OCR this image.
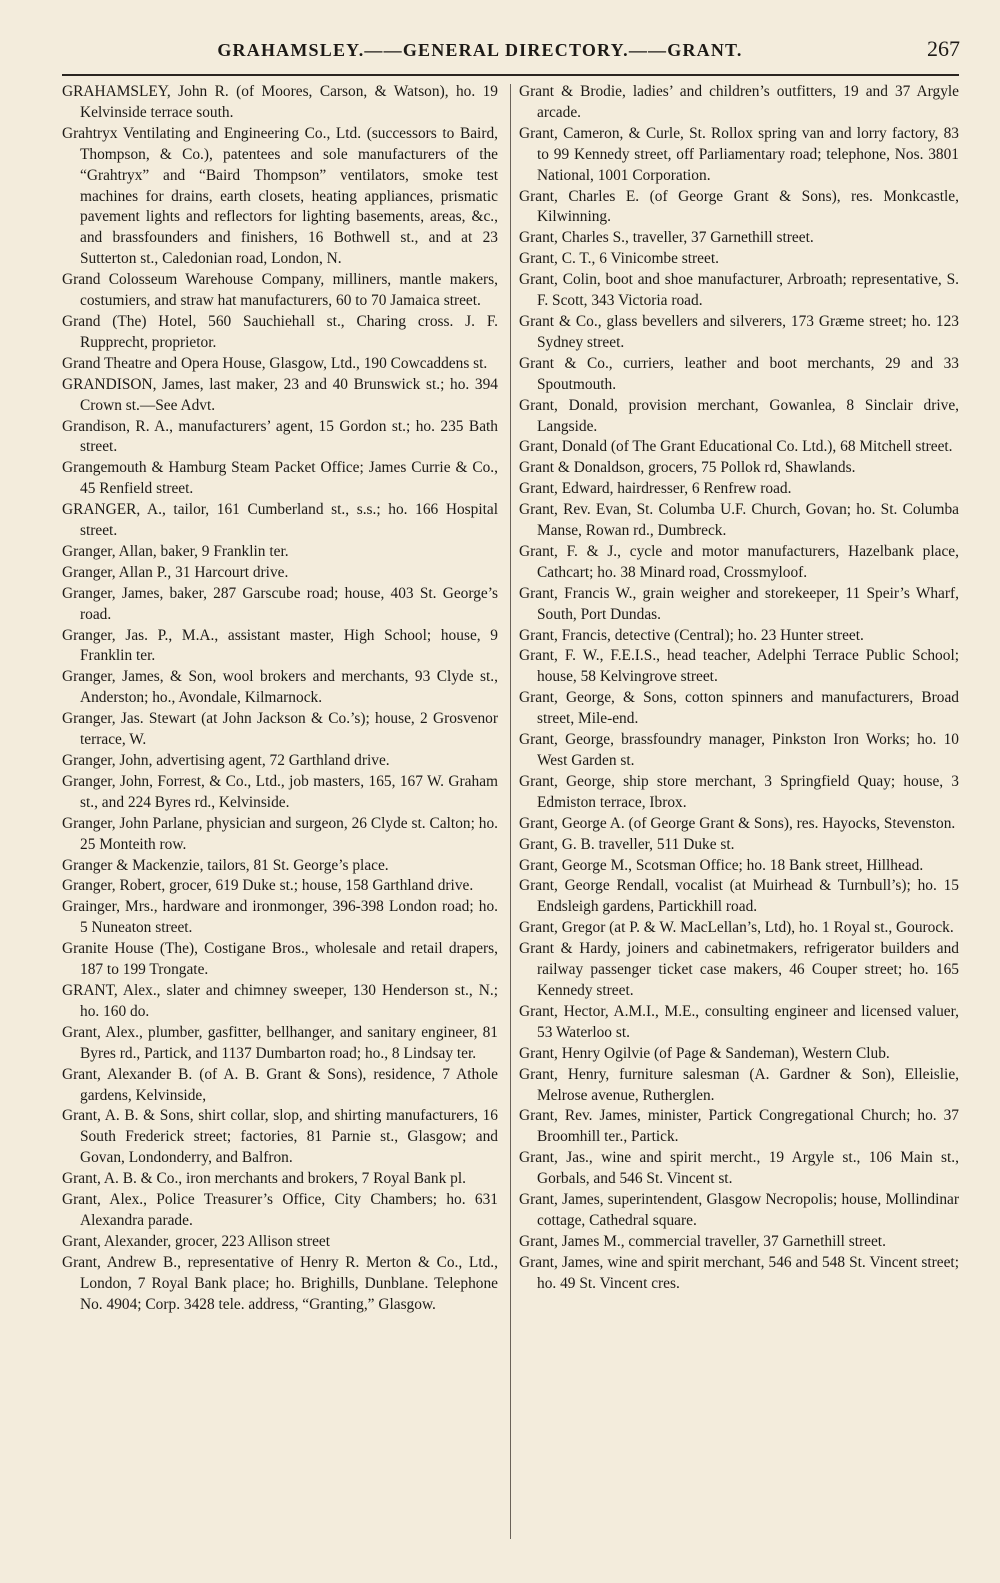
GRAHAMSLEY.——GENERAL DIRECTORY.——GRANT.	267

GRAHAMSLEY, John R. (of Moores, Carson, & Watson), ho. 19 Kelvinside terrace south.

Grahtryx Ventilating and Engineering Co., Ltd. (successors to Baird, Thompson, & Co.), patentees and sole manufacturers of the “Grahtryx” and “Baird Thompson” ventilators, smoke test machines for drains, earth closets, heating appliances, prismatic pavement lights and reflectors for lighting basements, areas, &c., and brassfounders and finishers, 16 Bothwell st., and at 23 Sutterton st., Caledonian road, London, N.

Grand Colosseum Warehouse Company, milliners, mantle makers, costumiers, and straw hat manufacturers, 60 to 70 Jamaica street.

Grand (The) Hotel, 560 Sauchiehall st., Charing cross. J. F. Rupprecht, proprietor.

Grand Theatre and Opera House, Glasgow, Ltd., 190 Cowcaddens st.

GRANDISON, James, last maker, 23 and 40 Brunswick st.; ho. 394 Crown st.—See Advt.

Grandison, R. A., manufacturers’ agent, 15 Gordon st.; ho. 235 Bath street.

Grangemouth & Hamburg Steam Packet Office; James Currie & Co., 45 Renfield street.

GRANGER, A., tailor, 161 Cumberland st., s.s.; ho. 166 Hospital street.

Granger, Allan, baker, 9 Franklin ter.

Granger, Allan P., 31 Harcourt drive.

Granger, James, baker, 287 Garscube road; house, 403 St. George’s road.

Granger, Jas. P., M.A., assistant master, High School; house, 9 Franklin ter.

Granger, James, & Son, wool brokers and merchants, 93 Clyde st., Anderston; ho., Avondale, Kilmarnock.

Granger, Jas. Stewart (at John Jackson & Co.’s); house, 2 Grosvenor terrace, W.

Granger, John, advertising agent, 72 Garthland drive.

Granger, John, Forrest, & Co., Ltd., job masters, 165, 167 W. Graham st., and 224 Byres rd., Kelvinside.

Granger, John Parlane, physician and surgeon, 26 Clyde st. Calton; ho. 25 Monteith row.

Granger & Mackenzie, tailors, 81 St. George’s place.

Granger, Robert, grocer, 619 Duke st.; house, 158 Garthland drive.

Grainger, Mrs., hardware and ironmonger, 396-398 London road; ho. 5 Nuneaton street.

Granite House (The), Costigane Bros., wholesale and retail drapers, 187 to 199 Trongate.

GRANT, Alex., slater and chimney sweeper, 130 Henderson st., N.; ho. 160 do.

Grant, Alex., plumber, gasfitter, bellhanger, and sanitary engineer, 81 Byres rd., Partick, and 1137 Dumbarton road; ho., 8 Lindsay ter.

Grant, Alexander B. (of A. B. Grant & Sons), residence, 7 Athole gardens, Kelvinside,

Grant, A. B. & Sons, shirt collar, slop, and shirting manufacturers, 16 South Frederick street; factories, 81 Parnie st., Glasgow; and Govan, Londonderry, and Balfron.

Grant, A. B. & Co., iron merchants and brokers, 7 Royal Bank pl.

Grant, Alex., Police Treasurer’s Office, City Chambers; ho. 631 Alexandra parade.

Grant, Alexander, grocer, 223 Allison street

Grant, Andrew B., representative of Henry R. Merton & Co., Ltd., London, 7 Royal Bank place; ho. Brighills, Dunblane. Telephone No. 4904; Corp. 3428 tele. address, “Granting,” Glasgow.

Grant & Brodie, ladies’ and children’s outfitters, 19 and 37 Argyle arcade.

Grant, Cameron, & Curle, St. Rollox spring van and lorry factory, 83 to 99 Kennedy street, off Parliamentary road; telephone, Nos. 3801 National, 1001 Corporation.

Grant, Charles E. (of George Grant & Sons), res. Monkcastle, Kilwinning.

Grant, Charles S., traveller, 37 Garnethill street.

Grant, C. T., 6 Vinicombe street.

Grant, Colin, boot and shoe manufacturer, Arbroath; representative, S. F. Scott, 343 Victoria road.

Grant & Co., glass bevellers and silverers, 173 Græme street; ho. 123 Sydney street.

Grant & Co., curriers, leather and boot merchants, 29 and 33 Spoutmouth.

Grant, Donald, provision merchant, Gowanlea, 8 Sinclair drive, Langside.

Grant, Donald (of The Grant Educational Co. Ltd.), 68 Mitchell street.

Grant & Donaldson, grocers, 75 Pollok rd, Shawlands.

Grant, Edward, hairdresser, 6 Renfrew road.

Grant, Rev. Evan, St. Columba U.F. Church, Govan; ho. St. Columba Manse, Rowan rd., Dumbreck.

Grant, F. & J., cycle and motor manufacturers, Hazelbank place, Cathcart; ho. 38 Minard road, Crossmyloof.

Grant, Francis W., grain weigher and storekeeper, 11 Speir’s Wharf, South, Port Dundas.

Grant, Francis, detective (Central); ho. 23 Hunter street.

Grant, F. W., F.E.I.S., head teacher, Adelphi Terrace Public School; house, 58 Kelvingrove street.

Grant, George, & Sons, cotton spinners and manufacturers, Broad street, Mile-end.

Grant, George, brassfoundry manager, Pinkston Iron Works; ho. 10 West Garden st.

Grant, George, ship store merchant, 3 Springfield Quay; house, 3 Edmiston terrace, Ibrox.

Grant, George A. (of George Grant & Sons), res. Hayocks, Stevenston.

Grant, G. B. traveller, 511 Duke st.

Grant, George M., Scotsman Office; ho. 18 Bank street, Hillhead.

Grant, George Rendall, vocalist (at Muirhead & Turnbull’s); ho. 15 Endsleigh gardens, Partickhill road.

Grant, Gregor (at P. & W. MacLellan’s, Ltd), ho. 1 Royal st., Gourock.

Grant & Hardy, joiners and cabinetmakers, refrigerator builders and railway passenger ticket case makers, 46 Couper street; ho. 165 Kennedy street.

Grant, Hector, A.M.I., M.E., consulting engineer and licensed valuer, 53 Waterloo st.

Grant, Henry Ogilvie (of Page & Sandeman), Western Club.

Grant, Henry, furniture salesman (A. Gardner & Son), Elleislie, Melrose avenue, Rutherglen.

Grant, Rev. James, minister, Partick Congregational Church; ho. 37 Broomhill ter., Partick.

Grant, Jas., wine and spirit mercht., 19 Argyle st., 106 Main st., Gorbals, and 546 St. Vincent st.

Grant, James, superintendent, Glasgow Necropolis; house, Mollindinar cottage, Cathedral square.

Grant, James M., commercial traveller, 37 Garnethill street.

Grant, James, wine and spirit merchant, 546 and 548 St. Vincent street; ho. 49 St. Vincent cres.
